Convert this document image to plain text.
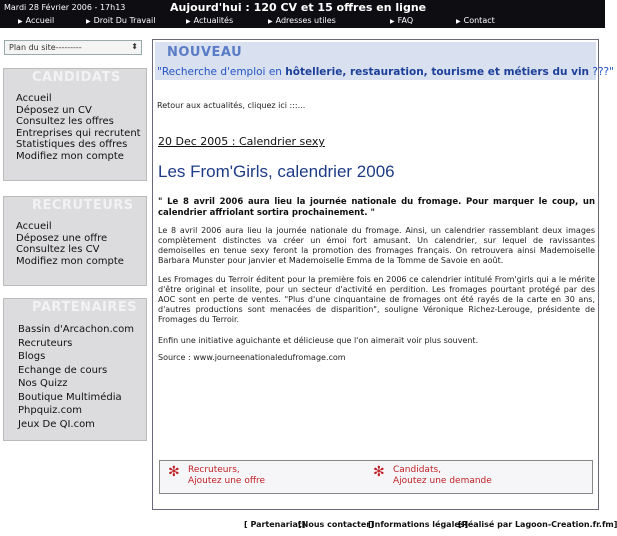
Mardi 28 Février 2006 - 17h13	Aujourd'hui : 120 CV et 15 offres en ligne
▶ Accueil	▶ Droit Du Travail	▶ Actualités	▶ Adresses utiles	▶ FAQ	▶ Contact
Plan du site---------	⬍
CANDIDATS
Accueil
Déposez un CV
Consultez les offres
Entreprises qui recrutent
Statistiques des offres
Modifiez mon compte
RECRUTEURS
Accueil
Déposez une offre
Consultez les CV
Modifiez mon compte
PARTENAIRES
Bassin d'Arcachon.com
Recruteurs
Blogs
Echange de cours
Nos Quizz
Boutique Multimédia
Phpquiz.com
Jeux De QI.com
NOUVEAU
"Recherche d'emploi en hôtellerie, restauration, tourisme et métiers du vin ???"
Retour aux actualités, cliquez ici :::...
20 Dec 2005 : Calendrier sexy
Les From'Girls, calendrier 2006
" Le 8 avril 2006 aura lieu la journée nationale du fromage. Pour marquer le coup, un calendrier affriolant sortira prochainement. "
Le 8 avril 2006 aura lieu la journée nationale du fromage. Ainsi, un calendrier rassemblant deux images complètement distinctes va créer un émoi fort amusant. Un calendrier, sur lequel de ravissantes demoiselles en tenue sexy feront la promotion des fromages français. On retrouvera ainsi Mademoiselle Barbara Munster pour janvier et Mademoiselle Emma de la Tomme de Savoie en août.
Les Fromages du Terroir éditent pour la première fois en 2006 ce calendrier intitulé From'girls qui a le mérite d'être original et insolite, pour un secteur d'activité en perdition. Les fromages pourtant protégé par des AOC sont en perte de ventes. "Plus d'une cinquantaine de fromages ont été rayés de la carte en 30 ans, d'autres productions sont menacées de disparition", souligne Véronique Richez-Lerouge, présidente de Fromages du Terroir.
Enfin une initiative aguichante et délicieuse que l'on aimerait voir plus souvent.
Source : www.journeenationaledufromage.com
✻ Recruteurs,
Ajoutez une offre
✻ Candidats,
Ajoutez une demande
[ Partenariat]
[Nous contacter]
[Informations légales]
[Réalisé par Lagoon-Creation.fr.fm]
